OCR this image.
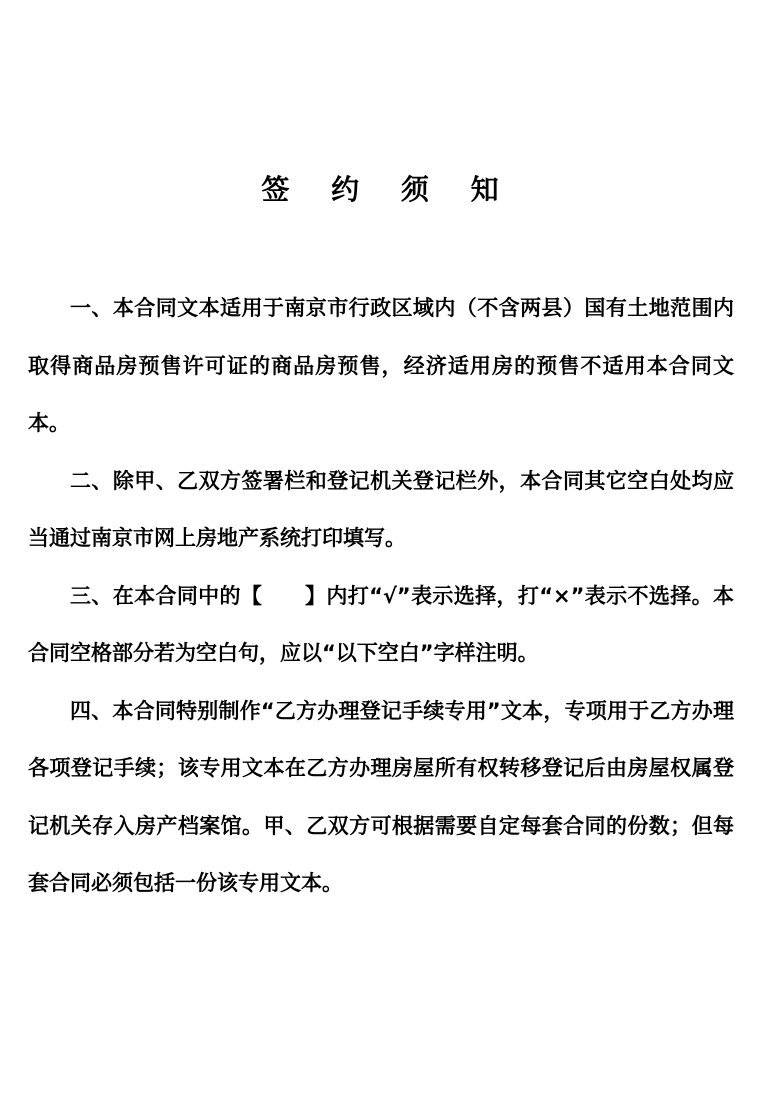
签 约 须 知

一、本合同文本适用于南京市行政区域内（不含两县）国有土地范围内取得商品房预售许可证的商品房预售，经济适用房的预售不适用本合同文本。

二、除甲、乙双方签署栏和登记机关登记栏外，本合同其它空白处均应当通过南京市网上房地产系统打印填写。

三、在本合同中的【　　】内打“√”表示选择，打“×”表示不选择。本合同空格部分若为空白句，应以“以下空白”字样注明。

四、本合同特别制作“乙方办理登记手续专用”文本，专项用于乙方办理各项登记手续；该专用文本在乙方办理房屋所有权转移登记后由房屋权属登记机关存入房产档案馆。甲、乙双方可根据需要自定每套合同的份数；但每套合同必须包括一份该专用文本。
